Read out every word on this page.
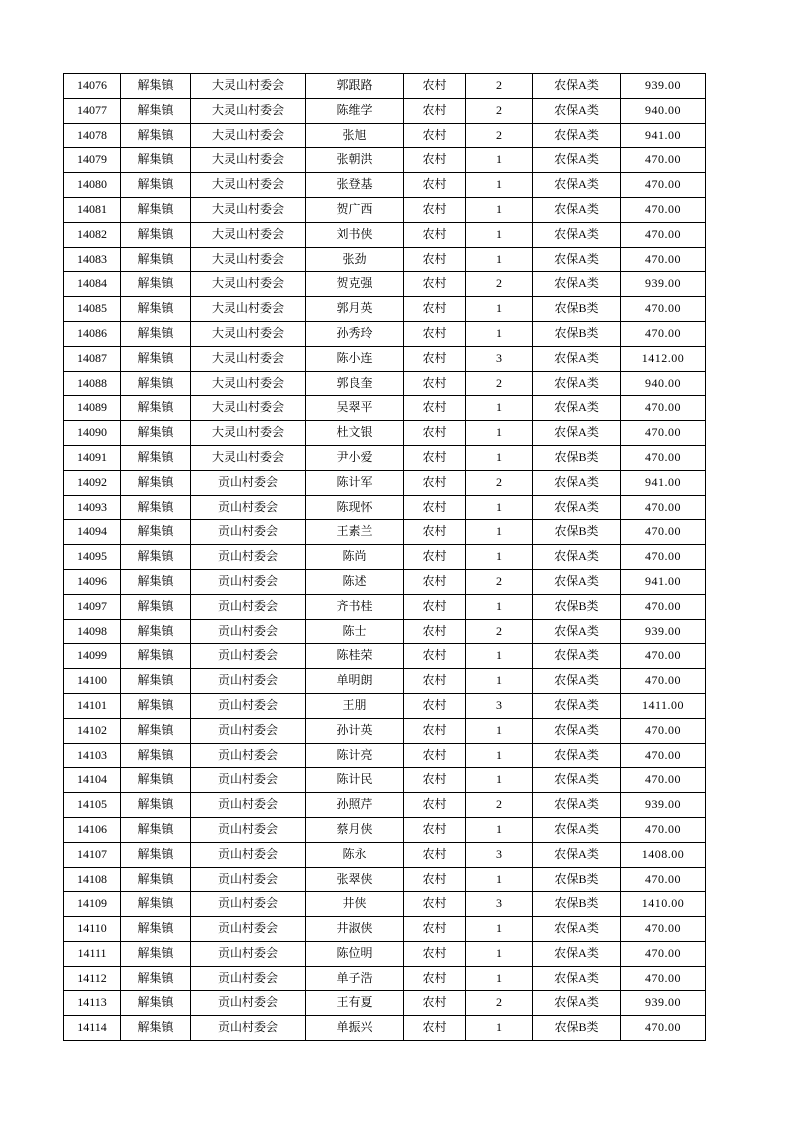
14076	解集镇	大灵山村委会	郭跟路	农村	2	农保A类	939.00
14077	解集镇	大灵山村委会	陈维学	农村	2	农保A类	940.00
14078	解集镇	大灵山村委会	张旭	农村	2	农保A类	941.00
14079	解集镇	大灵山村委会	张朝洪	农村	1	农保A类	470.00
14080	解集镇	大灵山村委会	张登基	农村	1	农保A类	470.00
14081	解集镇	大灵山村委会	贺广西	农村	1	农保A类	470.00
14082	解集镇	大灵山村委会	刘书侠	农村	1	农保A类	470.00
14083	解集镇	大灵山村委会	张劲	农村	1	农保A类	470.00
14084	解集镇	大灵山村委会	贺克强	农村	2	农保A类	939.00
14085	解集镇	大灵山村委会	郭月英	农村	1	农保B类	470.00
14086	解集镇	大灵山村委会	孙秀玲	农村	1	农保B类	470.00
14087	解集镇	大灵山村委会	陈小连	农村	3	农保A类	1412.00
14088	解集镇	大灵山村委会	郭良奎	农村	2	农保A类	940.00
14089	解集镇	大灵山村委会	吴翠平	农村	1	农保A类	470.00
14090	解集镇	大灵山村委会	杜文银	农村	1	农保A类	470.00
14091	解集镇	大灵山村委会	尹小爱	农村	1	农保B类	470.00
14092	解集镇	贡山村委会	陈计军	农村	2	农保A类	941.00
14093	解集镇	贡山村委会	陈现怀	农村	1	农保A类	470.00
14094	解集镇	贡山村委会	王素兰	农村	1	农保B类	470.00
14095	解集镇	贡山村委会	陈尚	农村	1	农保A类	470.00
14096	解集镇	贡山村委会	陈述	农村	2	农保A类	941.00
14097	解集镇	贡山村委会	齐书桂	农村	1	农保B类	470.00
14098	解集镇	贡山村委会	陈士	农村	2	农保A类	939.00
14099	解集镇	贡山村委会	陈桂荣	农村	1	农保A类	470.00
14100	解集镇	贡山村委会	单明朗	农村	1	农保A类	470.00
14101	解集镇	贡山村委会	王朋	农村	3	农保A类	1411.00
14102	解集镇	贡山村委会	孙计英	农村	1	农保A类	470.00
14103	解集镇	贡山村委会	陈计亮	农村	1	农保A类	470.00
14104	解集镇	贡山村委会	陈计民	农村	1	农保A类	470.00
14105	解集镇	贡山村委会	孙照芹	农村	2	农保A类	939.00
14106	解集镇	贡山村委会	蔡月侠	农村	1	农保A类	470.00
14107	解集镇	贡山村委会	陈永	农村	3	农保A类	1408.00
14108	解集镇	贡山村委会	张翠侠	农村	1	农保B类	470.00
14109	解集镇	贡山村委会	井侠	农村	3	农保B类	1410.00
14110	解集镇	贡山村委会	井淑侠	农村	1	农保A类	470.00
14111	解集镇	贡山村委会	陈位明	农村	1	农保A类	470.00
14112	解集镇	贡山村委会	单子浩	农村	1	农保A类	470.00
14113	解集镇	贡山村委会	王有夏	农村	2	农保A类	939.00
14114	解集镇	贡山村委会	单振兴	农村	1	农保B类	470.00
